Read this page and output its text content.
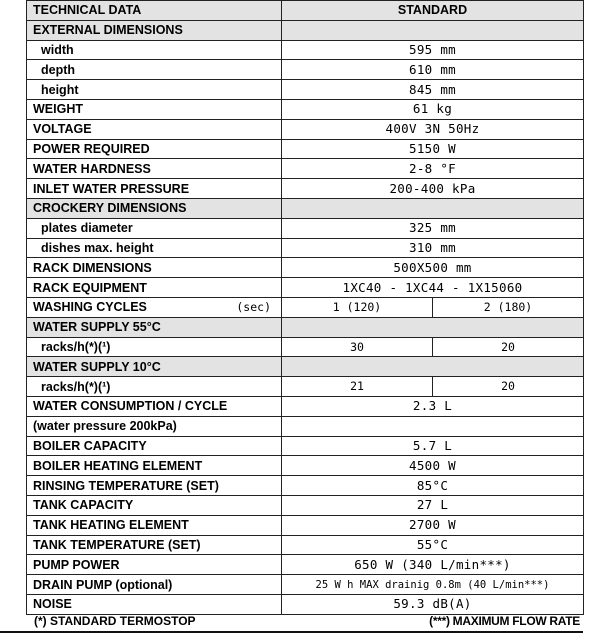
TECHNICAL DATA	STANDARD
EXTERNAL DIMENSIONS	
width	595 mm
depth	610 mm
height	845 mm
WEIGHT	61 kg
VOLTAGE	400V 3N 50Hz
POWER REQUIRED	5150 W
WATER HARDNESS	2-8 °F
INLET WATER PRESSURE	200-400 kPa
CROCKERY DIMENSIONS	
plates diameter	325 mm
dishes max. height	310 mm
RACK DIMENSIONS	500X500 mm
RACK EQUIPMENT	1XC40 - 1XC44 - 1X15060
WASHING CYCLES (sec)	1 (120) 2 (180)

WATER SUPPLY 55°C	
racks/h(*)(¹)	30 20

WATER SUPPLY 10°C	
racks/h(*)(¹)	21 20

WATER CONSUMPTION / CYCLE	2.3 L
(water pressure 200kPa)	
BOILER CAPACITY	5.7 L
BOILER HEATING ELEMENT	4500 W
RINSING TEMPERATURE (SET)	85°C
TANK CAPACITY	27 L
TANK HEATING ELEMENT	2700 W
TANK TEMPERATURE (SET)	55°C
PUMP POWER	650 W (340 L/min***)
DRAIN PUMP (optional)	25 W h MAX drainig 0.8m (40 L/min***)
NOISE	59.3 dB(A)
(*) STANDARD TERMOSTOP	(***) MAXIMUM FLOW RATE
